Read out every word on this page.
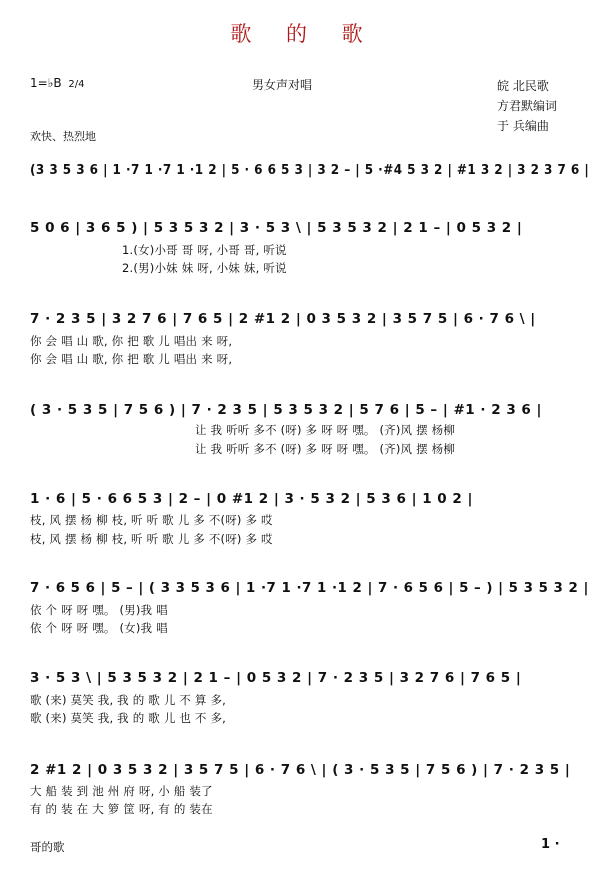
歌 的 歌
1=♭B 2/4	男女声对唱	皖 北民歌
方君默编词
于 兵编曲
欢快、热烈地
(3 3 5 3 6 | 1 ·7 1 ·7 1 ·1 2 | 5 · 6 6 5 3 | 3 2 – | 5 ·#4 5 3 2 | #1 3 2 | 3 2 3 7 6 |
5 0 6 | 3 6 5 ) | 5 3 5 3 2 | 3 · 5 3 \ | 5 3 5 3 2 | 2 1 – | 0 5 3 2 |
1.(女)小哥 哥 呀, 小哥 哥, 听说
2.(男)小妹 妹 呀, 小妹 妹, 听说
7 · 2 3 5 | 3 2 7 6 | 7 6 5 | 2 #1 2 | 0 3 5 3 2 | 3 5 7 5 | 6 · 7 6 \ |
你 会 唱 山 歌, 你 把 歌 儿 唱出 来 呀,
你 会 唱 山 歌, 你 把 歌 儿 唱出 来 呀,
( 3 · 5 3 5 | 7 5 6 ) | 7 · 2 3 5 | 5 3 5 3 2 | 5 7 6 | 5 – | #1 · 2 3 6 |
让 我 听听 多不 (呀) 多 呀 呀 嘿。 (齐)风 摆 杨柳
让 我 听听 多不 (呀) 多 呀 呀 嘿。 (齐)风 摆 杨柳
1 · 6 | 5 · 6 6 5 3 | 2 – | 0 #1 2 | 3 · 5 3 2 | 5 3 6 | 1 0 2 |
枝, 风 摆 杨 柳 枝, 听 听 歌 儿 多 不(呀) 多 哎
枝, 风 摆 杨 柳 枝, 听 听 歌 儿 多 不(呀) 多 哎
7 · 6 5 6 | 5 – | ( 3 3 5 3 6 | 1 ·7 1 ·7 1 ·1 2 | 7 · 6 5 6 | 5 – ) | 5 3 5 3 2 |
依 个 呀 呀 嘿。 (男)我 唱
依 个 呀 呀 嘿。 (女)我 唱
3 · 5 3 \ | 5 3 5 3 2 | 2 1 – | 0 5 3 2 | 7 · 2 3 5 | 3 2 7 6 | 7 6 5 |
歌 (来) 莫笑 我, 我 的 歌 儿 不 算 多,
歌 (来) 莫笑 我, 我 的 歌 儿 也 不 多,
2 #1 2 | 0 3 5 3 2 | 3 5 7 5 | 6 · 7 6 \ | ( 3 · 5 3 5 | 7 5 6 ) | 7 · 2 3 5 |
大 船 装 到 池 州 府 呀, 小 船 装了
有 的 装 在 大 箩 筐 呀, 有 的 装在
哥的歌	1 ·
